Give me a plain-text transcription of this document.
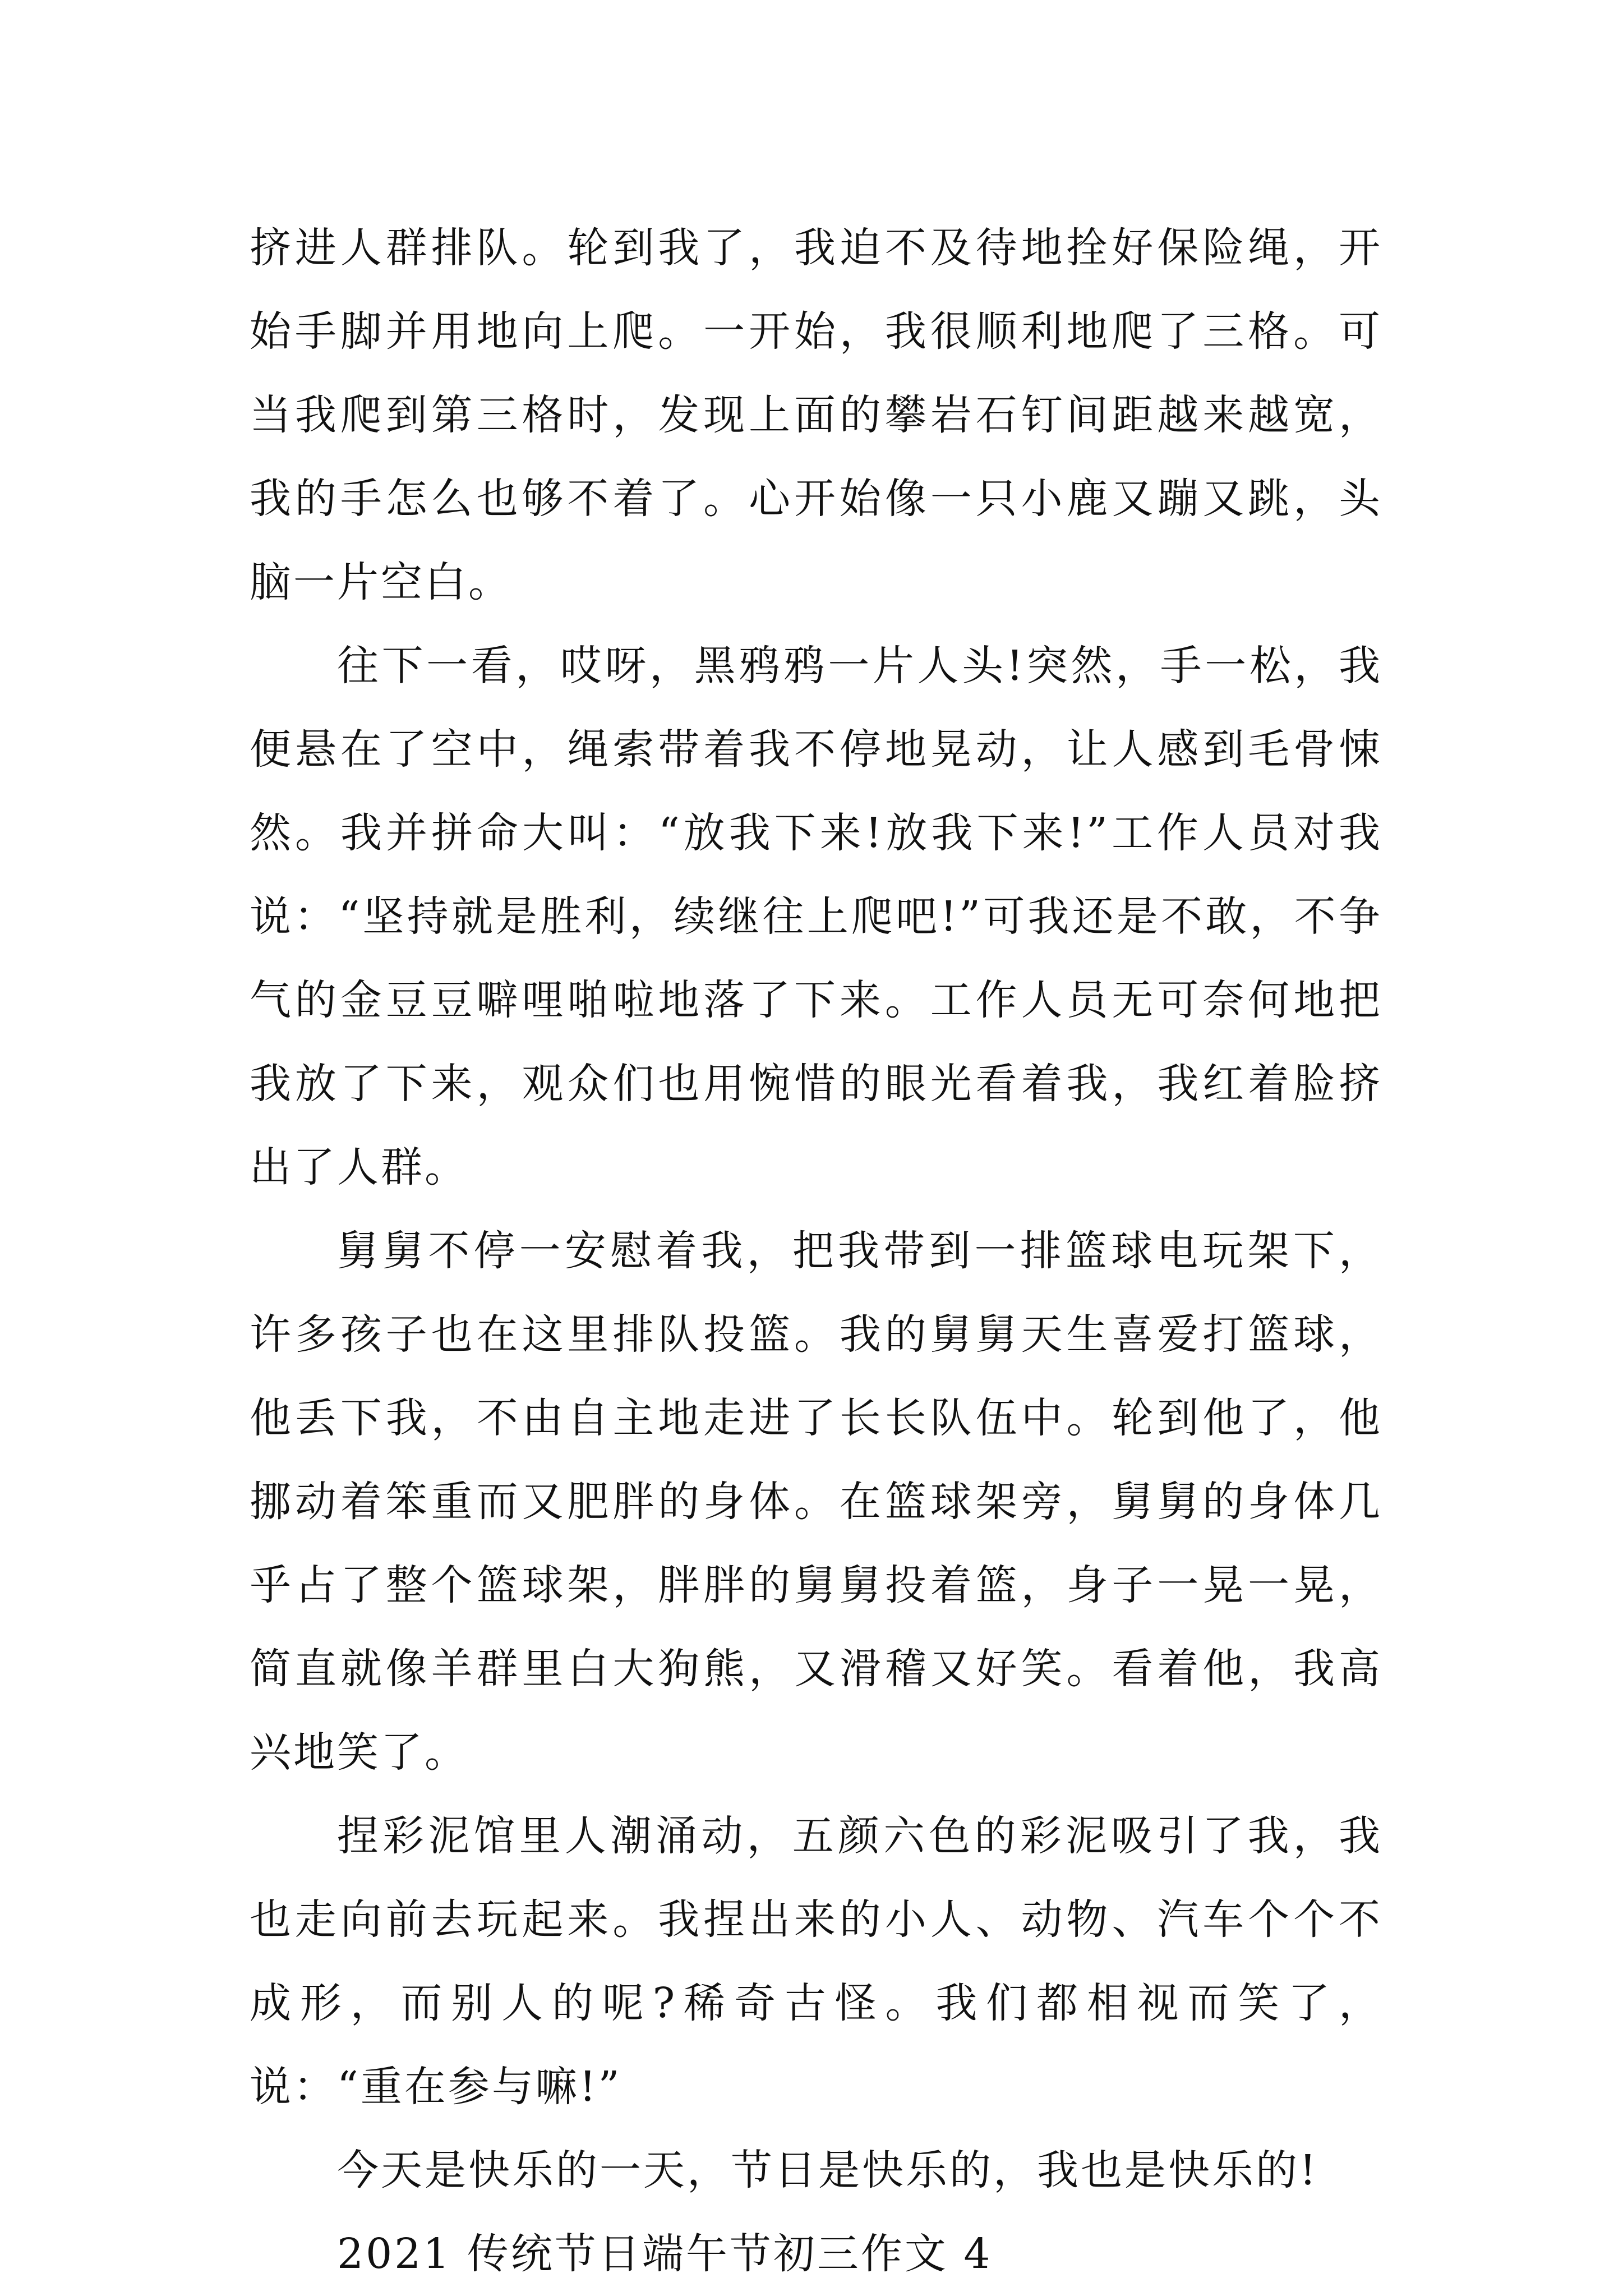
挤进人群排队。轮到我了，我迫不及待地拴好保险绳，开始手脚并用地向上爬。一开始，我很顺利地爬了三格。可当我爬到第三格时，发现上面的攀岩石钉间距越来越宽，我的手怎么也够不着了。心开始像一只小鹿又蹦又跳，头脑一片空白。

往下一看，哎呀，黑鸦鸦一片人头!突然，手一松，我便悬在了空中，绳索带着我不停地晃动，让人感到毛骨悚然。我并拼命大叫：“放我下来!放我下来!”工作人员对我说：“坚持就是胜利，续继往上爬吧!”可我还是不敢，不争气的金豆豆噼哩啪啦地落了下来。工作人员无可奈何地把我放了下来，观众们也用惋惜的眼光看着我，我红着脸挤出了人群。

舅舅不停一安慰着我，把我带到一排篮球电玩架下，许多孩子也在这里排队投篮。我的舅舅天生喜爱打篮球，他丢下我，不由自主地走进了长长队伍中。轮到他了，他挪动着笨重而又肥胖的身体。在篮球架旁，舅舅的身体几乎占了整个篮球架，胖胖的舅舅投着篮，身子一晃一晃，简直就像羊群里白大狗熊，又滑稽又好笑。看着他，我高兴地笑了。

捏彩泥馆里人潮涌动，五颜六色的彩泥吸引了我，我也走向前去玩起来。我捏出来的小人、动物、汽车个个不成形，而别人的呢?稀奇古怪。我们都相视而笑了，说：“重在参与嘛!”

今天是快乐的一天，节日是快乐的，我也是快乐的!

2021 传统节日端午节初三作文 4
